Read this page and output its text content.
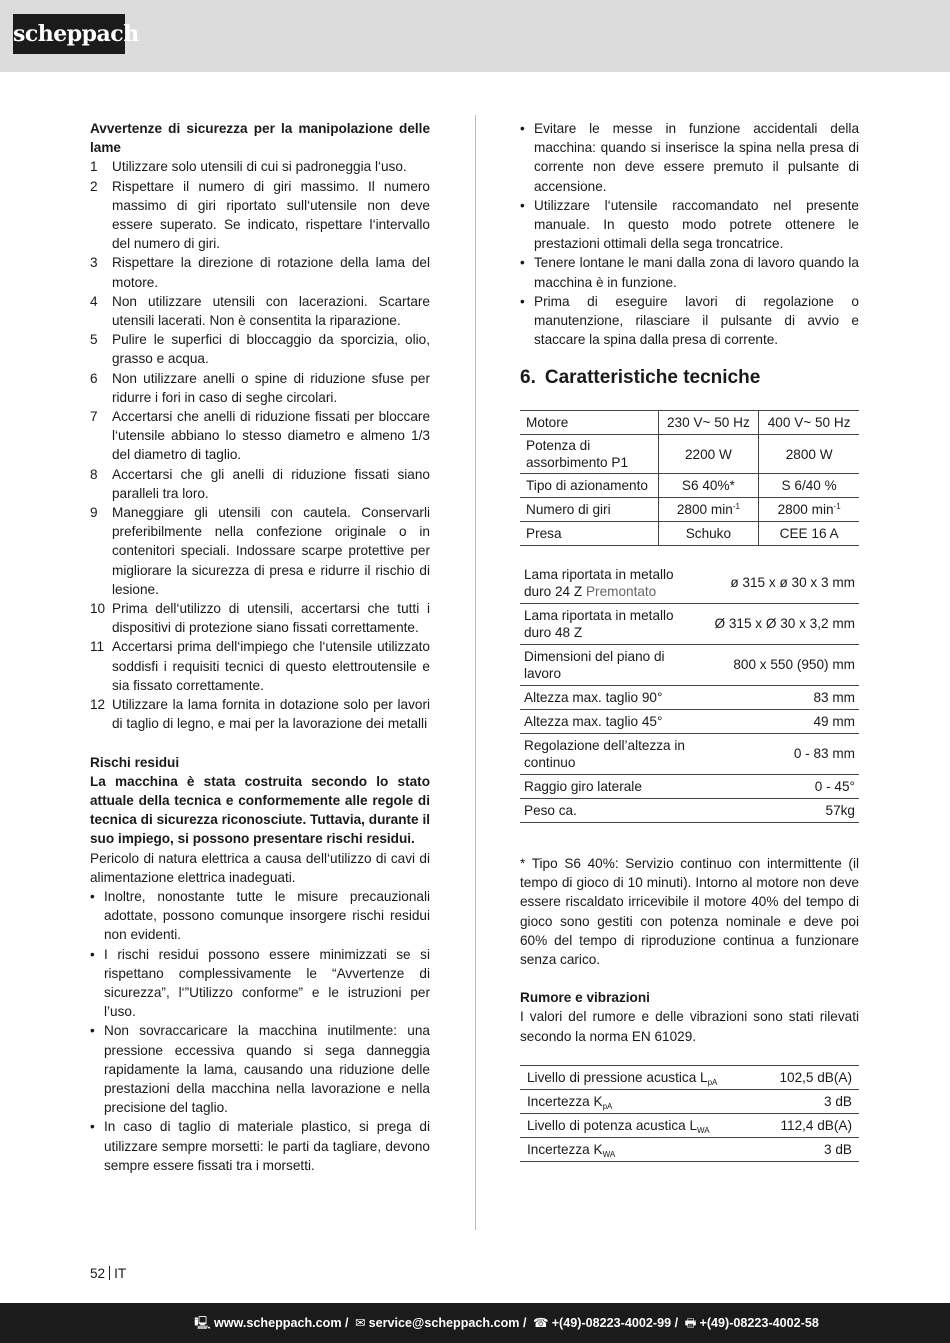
scheppach
Avvertenze di sicurezza per la manipolazione delle lame
1	Utilizzare solo utensili di cui si padroneggia l‘uso.
2	Rispettare il numero di giri massimo. Il numero massimo di giri riportato sull‘utensile non deve essere superato. Se indicato, rispettare l‘intervallo del numero di giri.
3	Rispettare la direzione di rotazione della lama del motore.
4	Non utilizzare utensili con lacerazioni. Scartare utensili lacerati. Non è consentita la riparazione.
5	Pulire le superfici di bloccaggio da sporcizia, olio, grasso e acqua.
6	Non utilizzare anelli o spine di riduzione sfuse per ridurre i fori in caso di seghe circolari.
7	Accertarsi che anelli di riduzione fissati per bloccare l‘utensile abbiano lo stesso diametro e almeno 1/3 del diametro di taglio.
8	Accertarsi che gli anelli di riduzione fissati siano paralleli tra loro.
9	Maneggiare gli utensili con cautela. Conservarli preferibilmente nella confezione originale o in contenitori speciali. Indossare scarpe protettive per migliorare la sicurezza di presa e ridurre il rischio di lesione.
10 Prima dell‘utilizzo di utensili, accertarsi che tutti i dispositivi di protezione siano fissati correttamente.
11 Accertarsi prima dell‘impiego che l‘utensile utilizzato soddisfi i requisiti tecnici di questo elettroutensile e sia fissato correttamente.
12 Utilizzare la lama fornita in dotazione solo per lavori di taglio di legno, e mai per la lavorazione dei metalli
Rischi residui
La macchina è stata costruita secondo lo stato attuale della tecnica e conformemente alle regole di tecnica di sicurezza riconosciute. Tuttavia, durante il suo impiego, si possono presentare rischi residui.
Pericolo di natura elettrica a causa dell‘utilizzo di cavi di alimentazione elettrica inadeguati.
• Inoltre, nonostante tutte le misure precauzionali adottate, possono comunque insorgere rischi residui non evidenti.
• I rischi residui possono essere minimizzati se si rispettano complessivamente le “Avvertenze di sicurezza”, l‘”Utilizzo conforme” e le istruzioni per l’uso.
• Non sovraccaricare la macchina inutilmente: una pressione eccessiva quando si sega danneggia rapidamente la lama, causando una riduzione delle prestazioni della macchina nella lavorazione e nella precisione del taglio.
• In caso di taglio di materiale plastico, si prega di utilizzare sempre morsetti: le parti da tagliare, devono sempre essere fissati tra i morsetti.
• Evitare le messe in funzione accidentali della macchina: quando si inserisce la spina nella presa di corrente non deve essere premuto il pulsante di accensione.
• Utilizzare l‘utensile raccomandato nel presente manuale. In questo modo potrete ottenere le prestazioni ottimali della sega troncatrice.
• Tenere lontane le mani dalla zona di lavoro quando la macchina è in funzione.
• Prima di eseguire lavori di regolazione o manutenzione, rilasciare il pulsante di avvio e staccare la spina dalla presa di corrente.
6. Caratteristiche tecniche
Motore	230 V~ 50 Hz	400 V~ 50 Hz
Potenza di assorbimento P1	2200 W	2800 W
Tipo di azionamento	S6 40%*	S 6/40 %
Numero di giri	2800 $\min^{-1}$	2800 $\min^{-1}$
Presa	Schuko	CEE 16 A
Lama riportata in metallo duro 24 Z Premontato	ø 315 x ø 30 x 3 mm
Lama riportata in metallo duro 48 Z	Ø 315 x Ø 30 x 3,2 mm
Dimensioni del piano di lavoro	800 x 550 (950) mm
Altezza max. taglio 90°	83 mm
Altezza max. taglio 45°	49 mm
Regolazione dell’altezza in continuo	0 - 83 mm
Raggio giro laterale	0 - 45°
Peso ca.	57kg
* Tipo S6 40%: Servizio continuo con intermittente (il tempo di gioco di 10 minuti). Intorno al motore non deve essere riscaldato irricevibile il motore 40% del tempo di gioco sono gestiti con potenza nominale e deve poi 60% del tempo di riproduzione continua a funzionare senza carico.
Rumore e vibrazioni
I valori del rumore e delle vibrazioni sono stati rilevati secondo la norma EN 61029.
Livello di pressione acustica $L_{pA}$	102,5 dB(A)
Incertezza $K_{pA}$	3 dB
Livello di potenza acustica $L_{WA}$	112,4 dB(A)
Incertezza $K_{WA}$	3 dB
52 IT
🖳 www.scheppach.com / ✉ service@scheppach.com / ☎ +(49)-08223-4002-99 / 🖶 +(49)-08223-4002-58
